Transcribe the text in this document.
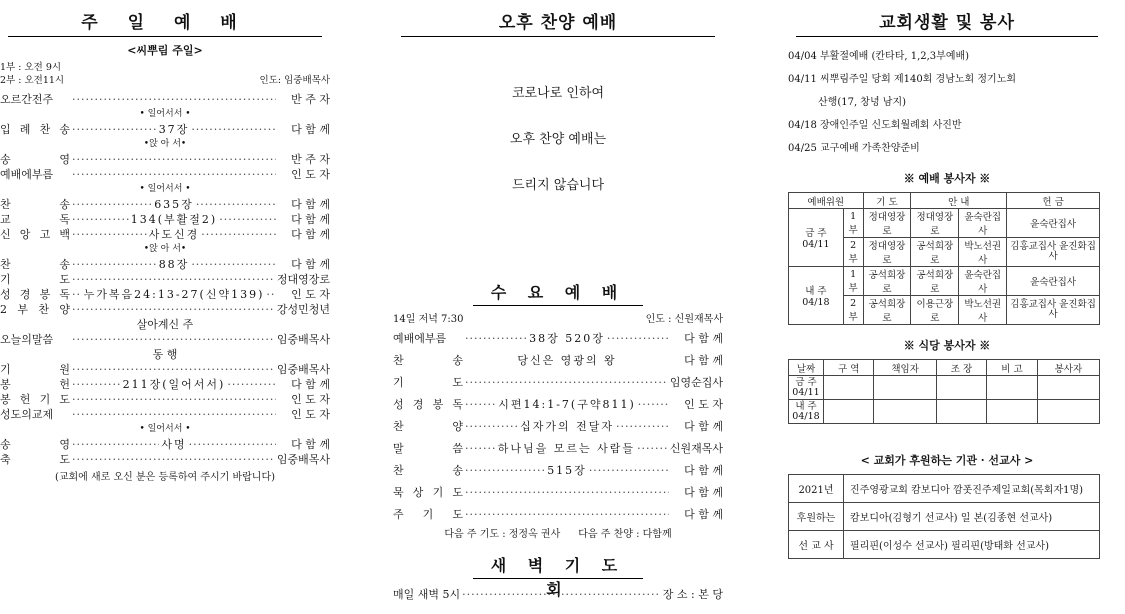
주 일 예 배
<씨뿌림 주일>
1부 : 오전 9시
2부 : 오전11시	인도: 임중배목사
오르간전주 ·····	반 주 자
• 일어서서 •
입 례 찬 송 ·····	37장 ·····	다 함 께
•앉 아 서•
송 영 ·····	반 주 자
예배에부름 ·····	인 도 자
• 일어서서 •
찬 송 ·····	635장 ·····	다 함 께
교 독 ·····	134(부활절2) ·····	다 함 께
신 앙 고 백 ·····	사도신경 ·····	다 함 께
•앉 아 서•
찬 송 ·····	88장 ·····	다 함 께
기 도 ·····	정대영장로
성 경 봉 독 ····· 누가복음24:13-27(신약139) ·····	인 도 자
2 부 찬 양 ·····	강성민청년
살아계신 주
오늘의말씀 ·····	임중배목사
동 행
기 원 ·····	임중배목사
봉 헌 ·····	211장(일어서서) ·····	다 함 께
봉 헌 기 도 ·····	인 도 자
성도의교제 ·····	인 도 자
• 일어서서 •
송 영 ·····	사명 ·····	다 함 께
축 도 ·····	임중배목사
(교회에 새로 오신 분은 등록하여 주시기 바랍니다)
오후 찬양 예배
코로나로 인하여
오후 찬양 예배는
드리지 않습니다
수 요 예 배
14일 저녁 7:30	인도 : 신원재목사
예배에부름 ·····	38장 520장 ·····	다 함 께
찬 송	당신은 영광의 왕	다 함 께
기 도 ·····	임영순집사
성 경 봉 독 ·····	시편14:1-7(구약811) ·····	인 도 자
찬 양 ·····	십자가의 전달자 ·····	다 함 께
말 씀 ·····	하나님을 모르는 사람들 ·····	신원재목사
찬 송 ·····	515장 ·····	다 함 께
묵 상 기 도 ·····	다 함 께
주 기 도 ·····	다 함 께
다음 주 기도 : 정정옥 권사 다음 주 찬양 : 다함께
새 벽 기 도 회
매일 새벽 5시 ·····	장 소 : 본 당
교회생활 및 봉사
04/04 부활절예배 (칸타타, 1,2,3부예배)
04/11 씨뿌림주일 당회 제140회 경남노회 정기노회
산행(17, 창녕 남지)
04/18 장애인주일 신도회월례회 사진반
04/25 교구예배 가족찬양준비
※ 예배 봉사자 ※
예배위원		기 도	안 내		헌 금
금 주 04/11	1부	정대영장로	정대영장로	윤숙란집사	윤숙란집사
	2부	정대영장로	공석희장로	박노선권사	김홍교집사 윤진화집사
내 주 04/18	1부	공석희장로	공석희장로	윤숙란집사	윤숙란집사
	2부	공석희장로	이용근장로	박노선권사	김홍교집사 윤진화집사
※ 식당 봉사자 ※
날짜	구 역	책임자	조 장	비 고	봉사자
금 주 04/11					
내 주 04/18					
< 교회가 후원하는 기관 · 선교사 >
2021년	진주영광교회 캄보디아 깜폿진주제일교회(목회자1명)
후원하는	캄보디아(김형기 선교사) 일 본(김종현 선교사)
선 교 사	필리핀(이성수 선교사) 필리핀(방태화 선교사)
